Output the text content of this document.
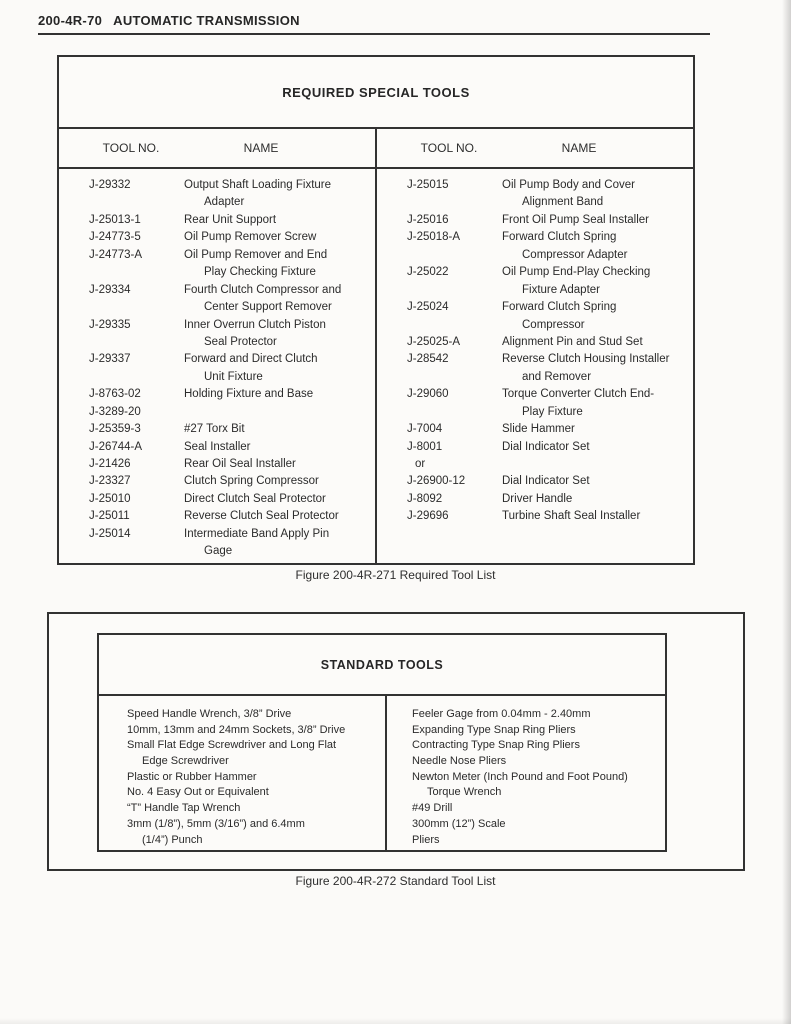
200-4R-70 AUTOMATIC TRANSMISSION
REQUIRED SPECIAL TOOLS
TOOL NO.	NAME
J-29332	Output Shaft Loading Fixture
Adapter
J-25013-1	Rear Unit Support
J-24773-5	Oil Pump Remover Screw
J-24773-A	Oil Pump Remover and End
Play Checking Fixture
J-29334	Fourth Clutch Compressor and
Center Support Remover
J-29335	Inner Overrun Clutch Piston
Seal Protector
J-29337	Forward and Direct Clutch
Unit Fixture
J-8763-02	Holding Fixture and Base
J-3289-20
J-25359-3	#27 Torx Bit
J-26744-A	Seal Installer
J-21426	Rear Oil Seal Installer
J-23327	Clutch Spring Compressor
J-25010	Direct Clutch Seal Protector
J-25011	Reverse Clutch Seal Protector
J-25014	Intermediate Band Apply Pin
Gage
TOOL NO.	NAME
J-25015	Oil Pump Body and Cover
Alignment Band
J-25016	Front Oil Pump Seal Installer
J-25018-A	Forward Clutch Spring
Compressor Adapter
J-25022	Oil Pump End-Play Checking
Fixture Adapter
J-25024	Forward Clutch Spring
Compressor
J-25025-A	Alignment Pin and Stud Set
J-28542	Reverse Clutch Housing Installer
and Remover
J-29060	Torque Converter Clutch End-
Play Fixture
J-7004	Slide Hammer
J-8001	Dial Indicator Set
or
J-26900-12	Dial Indicator Set
J-8092	Driver Handle
J-29696	Turbine Shaft Seal Installer
Figure 200-4R-271 Required Tool List
STANDARD TOOLS
Speed Handle Wrench, 3/8” Drive
10mm, 13mm and 24mm Sockets, 3/8” Drive
Small Flat Edge Screwdriver and Long Flat
Edge Screwdriver
Plastic or Rubber Hammer
No. 4 Easy Out or Equivalent
“T” Handle Tap Wrench
3mm (1/8”), 5mm (3/16”) and 6.4mm
(1/4”) Punch
Feeler Gage from 0.04mm - 2.40mm
Expanding Type Snap Ring Pliers
Contracting Type Snap Ring Pliers
Needle Nose Pliers
Newton Meter (Inch Pound and Foot Pound)
Torque Wrench
#49 Drill
300mm (12”) Scale
Pliers
Figure 200-4R-272 Standard Tool List
